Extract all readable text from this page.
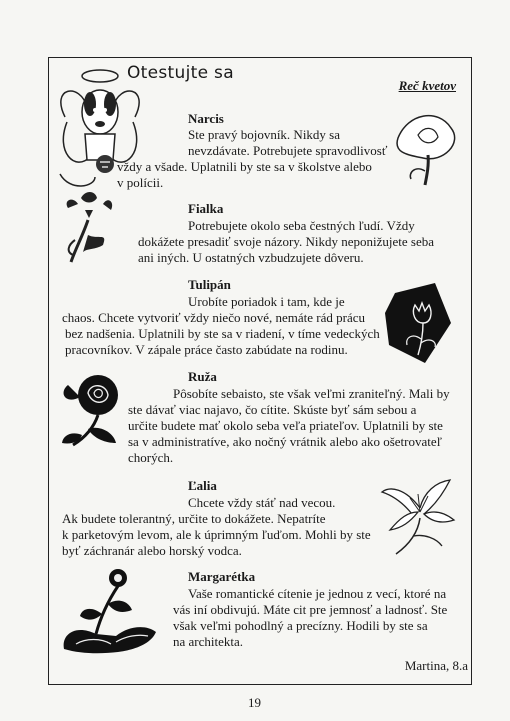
Otestujte sa
Reč kvetov
Narcis
Ste pravý bojovník. Nikdy sa
nevzdávate. Potrebujete spravodlivosť
vždy a všade. Uplatnili by ste sa v školstve alebo
v polícii.
Fialka
Potrebujete okolo seba čestných ľudí. Vždy
dokážete presadiť svoje názory. Nikdy neponižujete seba
ani iných. U ostatných vzbudzujete dôveru.
Tulipán
Urobíte poriadok i tam, kde je
chaos. Chcete vytvoriť vždy niečo nové, nemáte rád prácu
bez nadšenia. Uplatnili by ste sa v riadení, v tíme vedeckých
pracovníkov. V zápale práce často zabúdate na rodinu.
Ruža
Pôsobíte sebaisto, ste však veľmi zraniteľný. Mali by
ste dávať viac najavo, čo cítite. Skúste byť sám sebou a
určite budete mať okolo seba veľa priateľov. Uplatnili by ste
sa v administratíve, ako nočný vrátnik alebo ako ošetrovateľ
chorých.
Ľalia
Chcete vždy stáť nad vecou.
Ak budete tolerantný, určite to dokážete. Nepatríte
k parketovým levom, ale k úprimným ľuďom. Mohli by ste
byť záchranár alebo horský vodca.
Margarétka
Vaše romantické cítenie je jednou z vecí, ktoré na
vás iní obdivujú. Máte cit pre jemnosť a ladnosť. Ste
však veľmi pohodlný a precízny. Hodili by ste sa
na architekta.
Martina, 8.a
19
